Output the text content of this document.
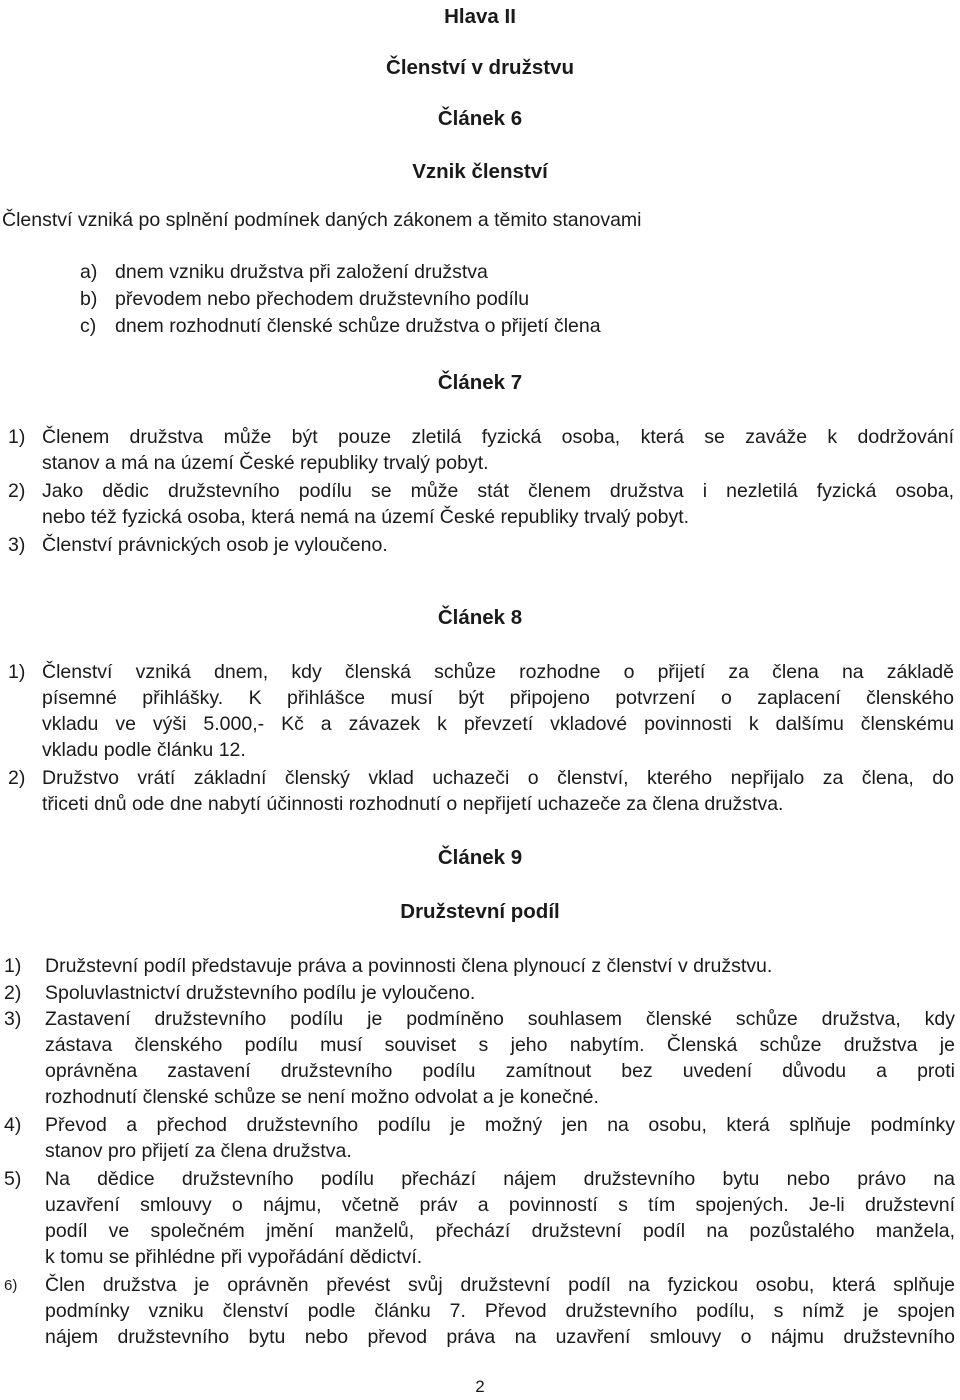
Hlava II
Členství v družstvu
Článek 6
Vznik členství
Členství vzniká po splnění podmínek daných zákonem a těmito stanovami
a) dnem vzniku družstva při založení družstva
b) převodem nebo přechodem družstevního podílu
c) dnem rozhodnutí členské schůze družstva o přijetí člena
Článek 7
1) Členem družstva může být pouze zletilá fyzická osoba, která se zaváže k dodržování
stanov a má na území České republiky trvalý pobyt.
2) Jako dědic družstevního podílu se může stát členem družstva i nezletilá fyzická osoba,
nebo též fyzická osoba, která nemá na území České republiky trvalý pobyt.
3) Členství právnických osob je vyloučeno.
Článek 8
1) Členství vzniká dnem, kdy členská schůze rozhodne o přijetí za člena na základě
písemné přihlášky. K přihlášce musí být připojeno potvrzení o zaplacení členského
vkladu ve výši 5.000,- Kč a závazek k převzetí vkladové povinnosti k dalšímu členskému
vkladu podle článku 12.
2) Družstvo vrátí základní členský vklad uchazeči o členství, kterého nepřijalo za člena, do
třiceti dnů ode dne nabytí účinnosti rozhodnutí o nepřijetí uchazeče za člena družstva.
Článek 9
Družstevní podíl
1) Družstevní podíl představuje práva a povinnosti člena plynoucí z členství v družstvu.
2) Spoluvlastnictví družstevního podílu je vyloučeno.
3) Zastavení družstevního podílu je podmíněno souhlasem členské schůze družstva, kdy
zástava členského podílu musí souviset s jeho nabytím. Členská schůze družstva je
oprávněna zastavení družstevního podílu zamítnout bez uvedení důvodu a proti
rozhodnutí členské schůze se není možno odvolat a je konečné.
4) Převod a přechod družstevního podílu je možný jen na osobu, která splňuje podmínky
stanov pro přijetí za člena družstva.
5) Na dědice družstevního podílu přechází nájem družstevního bytu nebo právo na
uzavření smlouvy o nájmu, včetně práv a povinností s tím spojených. Je-li družstevní
podíl ve společném jmění manželů, přechází družstevní podíl na pozůstalého manžela,
k tomu se přihlédne při vypořádání dědictví.
6) Člen družstva je oprávněn převést svůj družstevní podíl na fyzickou osobu, která splňuje
podmínky vzniku členství podle článku 7. Převod družstevního podílu, s nímž je spojen
nájem družstevního bytu nebo převod práva na uzavření smlouvy o nájmu družstevního
2
